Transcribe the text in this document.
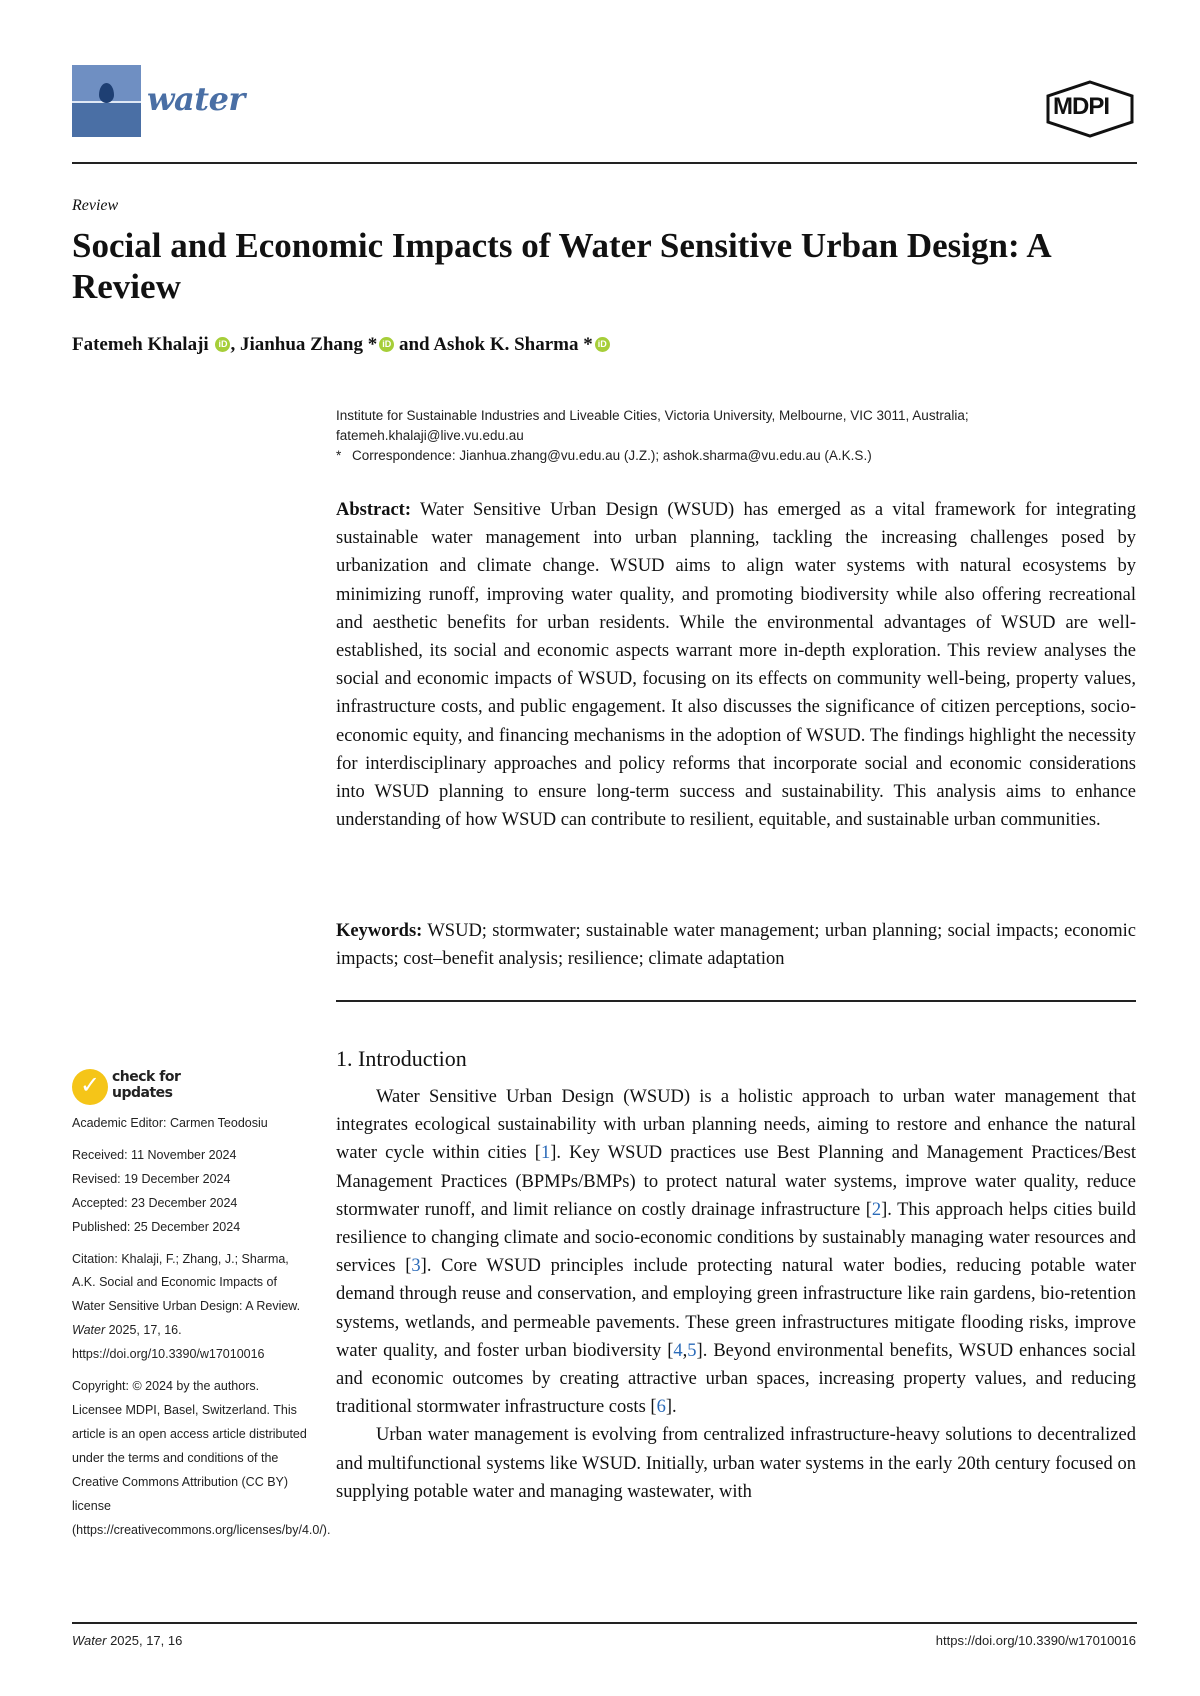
water	MDPI
Review
Social and Economic Impacts of Water Sensitive Urban Design: A Review
Fatemeh Khalaji iD , Jianhua Zhang * iD and Ashok K. Sharma * iD
Institute for Sustainable Industries and Liveable Cities, Victoria University, Melbourne, VIC 3011, Australia;
fatemeh.khalaji@live.vu.edu.au
* Correspondence: Jianhua.zhang@vu.edu.au (J.Z.); ashok.sharma@vu.edu.au (A.K.S.)
Abstract: Water Sensitive Urban Design (WSUD) has emerged as a vital framework for integrating sustainable water management into urban planning, tackling the increasing challenges posed by urbanization and climate change. WSUD aims to align water systems with natural ecosystems by minimizing runoff, improving water quality, and promoting biodiversity while also offering recreational and aesthetic benefits for urban residents. While the environmental advantages of WSUD are well-established, its social and economic aspects warrant more in-depth exploration. This review analyses the social and economic impacts of WSUD, focusing on its effects on community well-being, property values, infrastructure costs, and public engagement. It also discusses the significance of citizen perceptions, socio-economic equity, and financing mechanisms in the adoption of WSUD. The findings highlight the necessity for interdisciplinary approaches and policy reforms that incorporate social and economic considerations into WSUD planning to ensure long-term success and sustainability. This analysis aims to enhance understanding of how WSUD can contribute to resilient, equitable, and sustainable urban communities.
Keywords: WSUD; stormwater; sustainable water management; urban planning; social impacts; economic impacts; cost–benefit analysis; resilience; climate adaptation
1. Introduction

Water Sensitive Urban Design (WSUD) is a holistic approach to urban water management that integrates ecological sustainability with urban planning needs, aiming to restore and enhance the natural water cycle within cities [1]. Key WSUD practices use Best Planning and Management Practices/Best Management Practices (BPMPs/BMPs) to protect natural water systems, improve water quality, reduce stormwater runoff, and limit reliance on costly drainage infrastructure [2]. This approach helps cities build resilience to changing climate and socio-economic conditions by sustainably managing water resources and services [3]. Core WSUD principles include protecting natural water bodies, reducing potable water demand through reuse and conservation, and employing green infrastructure like rain gardens, bio-retention systems, wetlands, and permeable pavements. These green infrastructures mitigate flooding risks, improve water quality, and foster urban biodiversity [4,5]. Beyond environmental benefits, WSUD enhances social and economic outcomes by creating attractive urban spaces, increasing property values, and reducing traditional stormwater infrastructure costs [6].

Urban water management is evolving from centralized infrastructure-heavy solutions to decentralized and multifunctional systems like WSUD. Initially, urban water systems in the early 20th century focused on supplying potable water and managing wastewater, with

✓ check for
updates
Academic Editor: Carmen Teodosiu
Received: 11 November 2024
Revised: 19 December 2024
Accepted: 23 December 2024
Published: 25 December 2024
Citation: Khalaji, F.; Zhang, J.; Sharma, A.K. Social and Economic Impacts of Water Sensitive Urban Design: A Review. Water 2025, 17, 16. https://doi.org/10.3390/w17010016
Copyright: © 2024 by the authors. Licensee MDPI, Basel, Switzerland. This article is an open access article distributed under the terms and conditions of the Creative Commons Attribution (CC BY) license (https://creativecommons.org/licenses/by/4.0/).
Water 2025, 17, 16	https://doi.org/10.3390/w17010016
